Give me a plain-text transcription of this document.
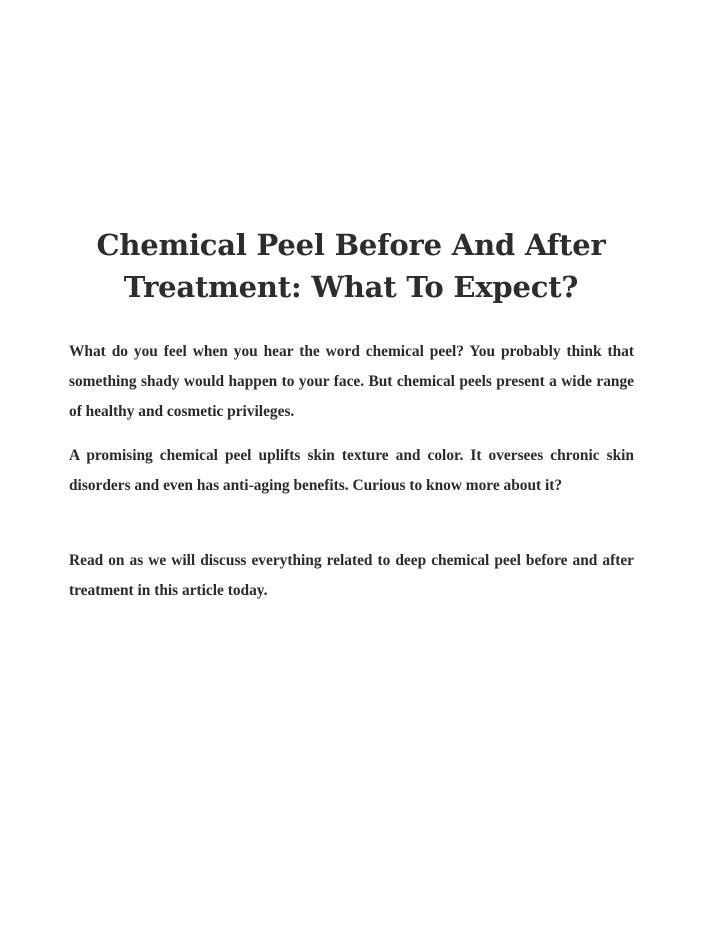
Chemical Peel Before And After Treatment: What To Expect?

What do you feel when you hear the word chemical peel? You probably think that something shady would happen to your face. But chemical peels present a wide range of healthy and cosmetic privileges.

A promising chemical peel uplifts skin texture and color. It oversees chronic skin disorders and even has anti-aging benefits. Curious to know more about it?

Read on as we will discuss everything related to deep chemical peel before and after treatment in this article today.
